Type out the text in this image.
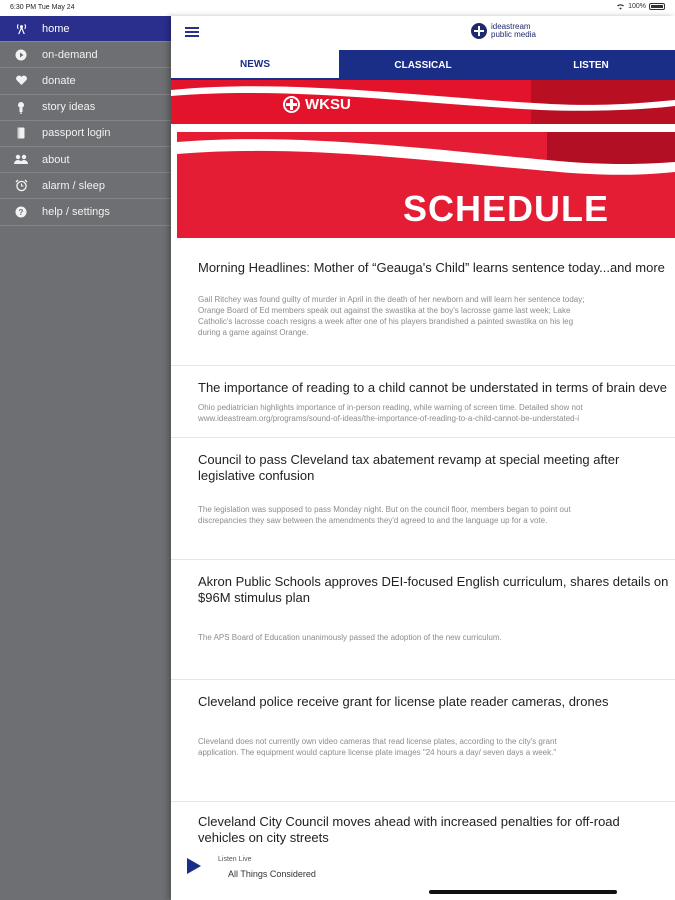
6:30 PM Tue May 24	100%
home
on-demand
donate
story ideas
passport login
about
alarm / sleep
? help / settings
ideastream
public media
NEWS	CLASSICAL	LISTEN
WKSU
SCHEDULE
Morning Headlines: Mother of “Geauga's Child” learns sentence today...and more

Gail Ritchey was found guilty of murder in April in the death of her newborn and will learn her sentence today;

Orange Board of Ed members speak out against the swastika at the boy's lacrosse game last week; Lake

Catholic's lacrosse coach resigns a week after one of his players brandished a painted swastika on his leg

during a game against Orange.

The importance of reading to a child cannot be understated in terms of brain deve

Ohio pediatrician highlights importance of in-person reading, while warning of screen time. Detailed show not

www.ideastream.org/programs/sound-of-ideas/the-importance-of-reading-to-a-child-cannot-be-understated-i

Council to pass Cleveland tax abatement revamp at special meeting after legislative confusion

The legislation was supposed to pass Monday night. But on the council floor, members began to point out

discrepancies they saw between the amendments they'd agreed to and the language up for a vote.

Akron Public Schools approves DEI-focused English curriculum, shares details on $96M stimulus plan

The APS Board of Education unanimously passed the adoption of the new curriculum.

Cleveland police receive grant for license plate reader cameras, drones

Cleveland does not currently own video cameras that read license plates, according to the city's grant

application. The equipment would capture license plate images "24 hours a day/ seven days a week."

Cleveland City Council moves ahead with increased penalties for off-road vehicles on city streets
Listen Live
All Things Considered
